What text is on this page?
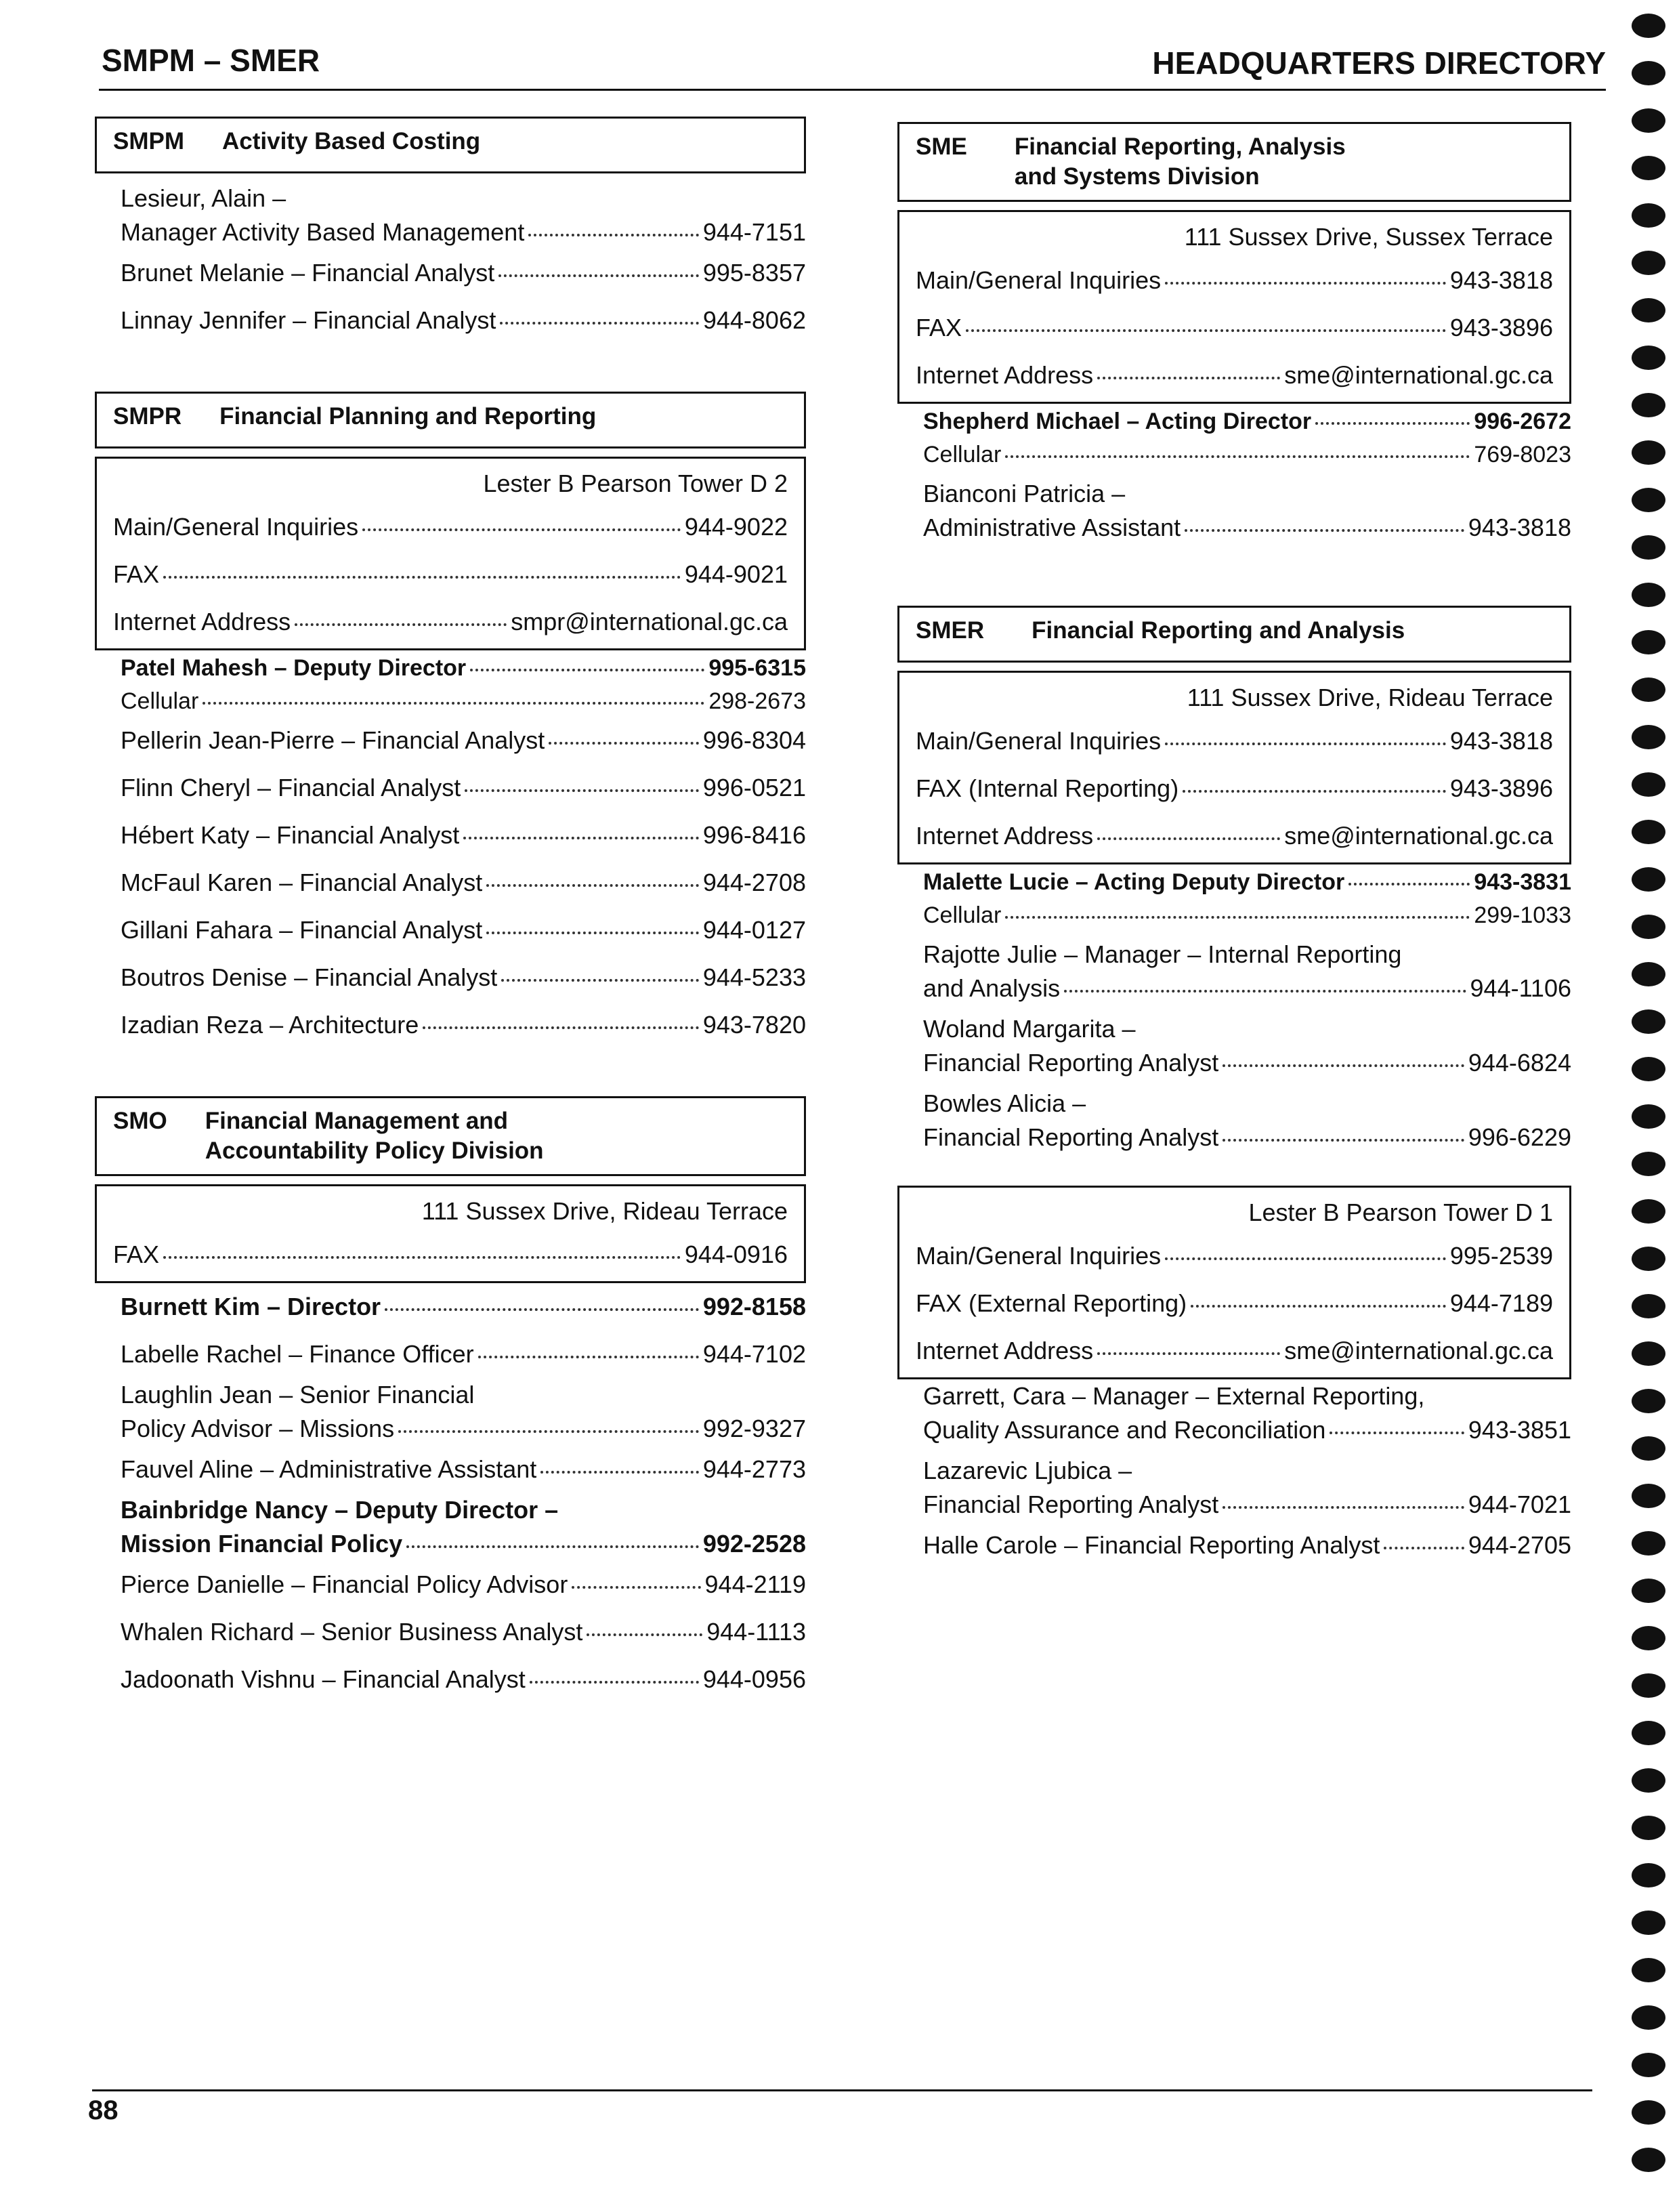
SMPM – SMER	HEADQUARTERS DIRECTORY
SMPM Activity Based Costing
Lesieur, Alain –
Manager Activity Based Management	944-7151
Brunet Melanie – Financial Analyst	995-8357
Linnay Jennifer – Financial Analyst	944-8062
SMPR Financial Planning and Reporting
Lester B Pearson Tower D 2
Main/General Inquiries	944-9022
FAX	944-9021
Internet Address	smpr@international.gc.ca
Patel Mahesh – Deputy Director	995-6315
Cellular	298-2673
Pellerin Jean-Pierre – Financial Analyst	996-8304
Flinn Cheryl – Financial Analyst	996-0521
Hébert Katy – Financial Analyst	996-8416
McFaul Karen – Financial Analyst	944-2708
Gillani Fahara – Financial Analyst	944-0127
Boutros Denise – Financial Analyst	944-5233
Izadian Reza – Architecture	943-7820
SMO Financial Management and
Accountability Policy Division
111 Sussex Drive, Rideau Terrace
FAX	944-0916
Burnett Kim – Director	992-8158
Labelle Rachel – Finance Officer	944-7102
Laughlin Jean – Senior Financial
Policy Advisor – Missions	992-9327
Fauvel Aline – Administrative Assistant	944-2773
Bainbridge Nancy – Deputy Director –
Mission Financial Policy	992-2528
Pierce Danielle – Financial Policy Advisor	944-2119
Whalen Richard – Senior Business Analyst	944-1113
Jadoonath Vishnu – Financial Analyst	944-0956
SME Financial Reporting, Analysis
and Systems Division
111 Sussex Drive, Sussex Terrace
Main/General Inquiries	943-3818
FAX	943-3896
Internet Address	sme@international.gc.ca
Shepherd Michael – Acting Director	996-2672
Cellular	769-8023
Bianconi Patricia –
Administrative Assistant	943-3818
SMER Financial Reporting and Analysis
111 Sussex Drive, Rideau Terrace
Main/General Inquiries	943-3818
FAX (Internal Reporting)	943-3896
Internet Address	sme@international.gc.ca
Malette Lucie – Acting Deputy Director	943-3831
Cellular	299-1033
Rajotte Julie – Manager – Internal Reporting
and Analysis	944-1106
Woland Margarita –
Financial Reporting Analyst	944-6824
Bowles Alicia –
Financial Reporting Analyst	996-6229
Lester B Pearson Tower D 1
Main/General Inquiries	995-2539
FAX (External Reporting)	944-7189
Internet Address	sme@international.gc.ca
Garrett, Cara – Manager – External Reporting,
Quality Assurance and Reconciliation	943-3851
Lazarevic Ljubica –
Financial Reporting Analyst	944-7021
Halle Carole – Financial Reporting Analyst	944-2705
88
